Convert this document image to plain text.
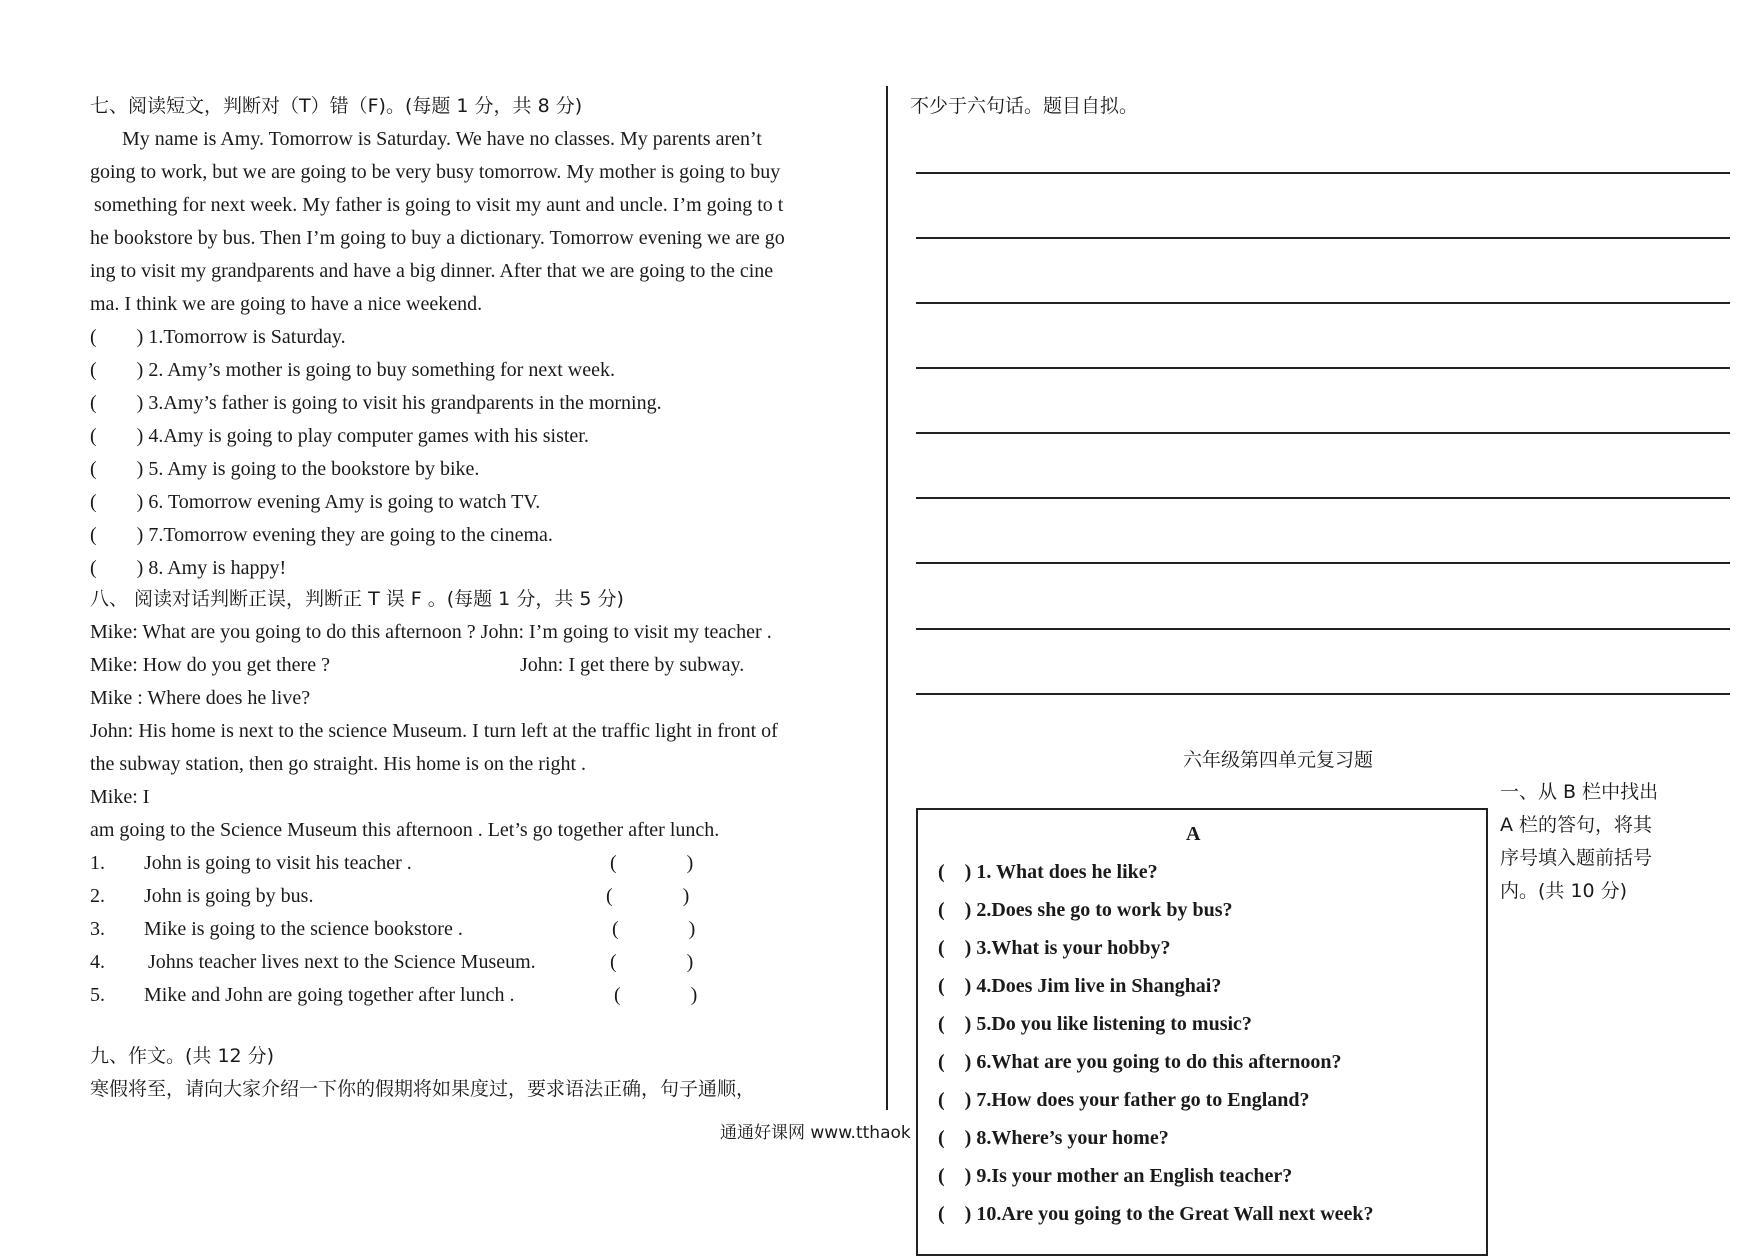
七、阅读短文，判断对（T）错（F)。(每题 1 分，共 8 分)
My name is Amy. Tomorrow is Saturday. We have no classes. My parents aren’t
going to work, but we are going to be very busy tomorrow. My mother is going to buy
something for next week. My father is going to visit my aunt and uncle. I’m going to t
he bookstore by bus. Then I’m going to buy a dictionary. Tomorrow evening we are go
ing to visit my grandparents and have a big dinner. After that we are going to the cine
ma. I think we are going to have a nice weekend.
(        ) 1.Tomorrow is Saturday.
(        ) 2. Amy’s mother is going to buy something for next week.
(        ) 3.Amy’s father is going to visit his grandparents in the morning.
(        ) 4.Amy is going to play computer games with his sister.
(        ) 5. Amy is going to the bookstore by bike.
(        ) 6. Tomorrow evening Amy is going to watch TV.
(        ) 7.Tomorrow evening they are going to the cinema.
(        ) 8. Amy is happy!
八、 阅读对话判断正误，判断正 T 误 F 。(每题 1 分，共 5 分)
Mike: What are you going to do this afternoon ? John: I’m going to visit my teacher .
Mike: How do you get there ?	John: I get there by subway.
Mike : Where does he live?
John: His home is next to the science Museum. I turn left at the traffic light in front of
the subway station, then go straight. His home is on the right .
Mike: I
am going to the Science Museum this afternoon . Let’s go together after lunch.
1. John is going to visit his teacher .	(              )
2. John is going by bus.	(              )
3. Mike is going to the science bookstore .	(              )
4. Johns teacher lives next to the Science Museum.	(              )
5. Mike and John are going together after lunch .	(              )
九、作文。(共 12 分)
寒假将至，请向大家介绍一下你的假期将如果度过，要求语法正确，句子通顺，
通通好课网 www.tthaok
不少于六句话。题目自拟。
六年级第四单元复习题
一、从 B 栏中找出
A 栏的答句，将其
序号填入题前括号
内。(共 10 分)
A
(    ) 1. What does he like?
(    ) 2.Does she go to work by bus?
(    ) 3.What is your hobby?
(    ) 4.Does Jim live in Shanghai?
(    ) 5.Do you like listening to music?
(    ) 6.What are you going to do this afternoon?
(    ) 7.How does your father go to England?
(    ) 8.Where’s your home?
(    ) 9.Is your mother an English teacher?
(    ) 10.Are you going to the Great Wall next week?
